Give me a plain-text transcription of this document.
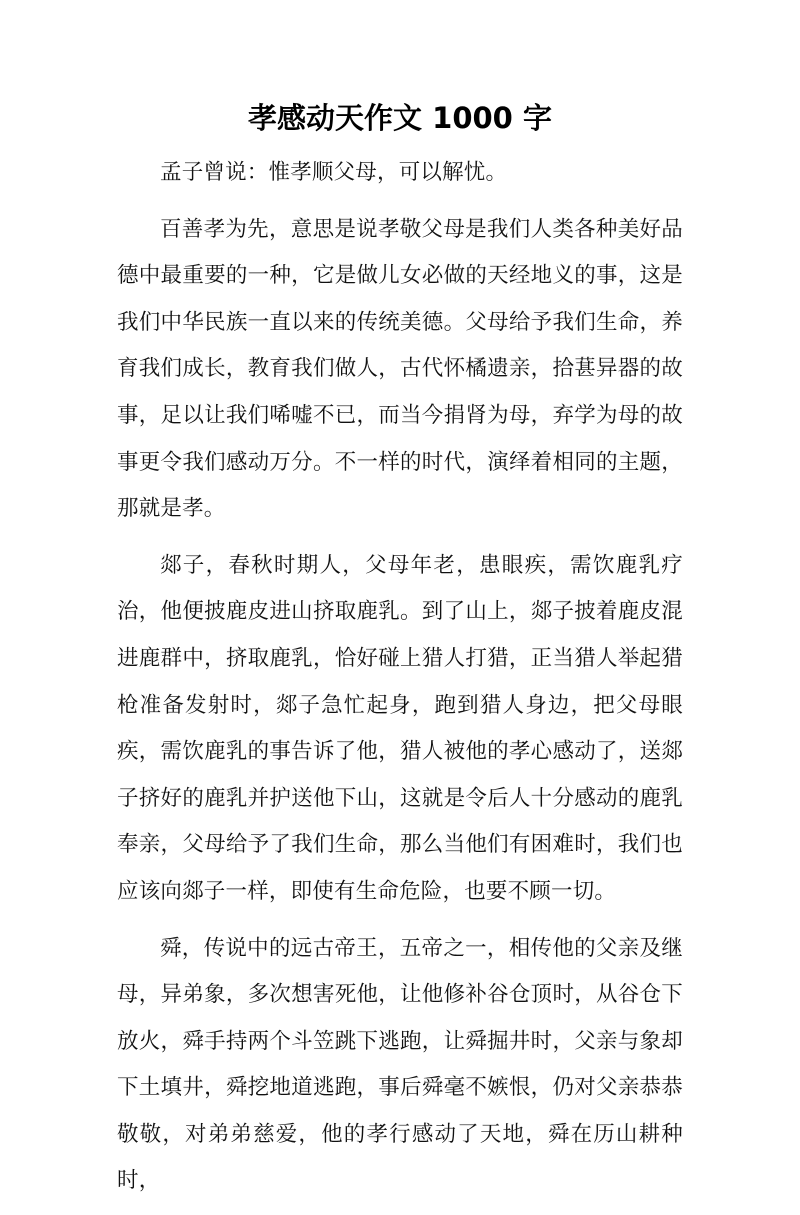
孝感动天作文 1000 字

孟子曾说：惟孝顺父母，可以解忧。

百善孝为先，意思是说孝敬父母是我们人类各种美好品德中最重要的一种，它是做儿女必做的天经地义的事，这是我们中华民族一直以来的传统美德。父母给予我们生命，养育我们成长，教育我们做人，古代怀橘遗亲，拾葚异器的故事，足以让我们唏嘘不已，而当今捐肾为母，弃学为母的故事更令我们感动万分。不一样的时代，演绎着相同的主题，那就是孝。

郯子，春秋时期人，父母年老，患眼疾，需饮鹿乳疗治，他便披鹿皮进山挤取鹿乳。到了山上，郯子披着鹿皮混进鹿群中，挤取鹿乳，恰好碰上猎人打猎，正当猎人举起猎枪准备发射时，郯子急忙起身，跑到猎人身边，把父母眼疾，需饮鹿乳的事告诉了他，猎人被他的孝心感动了，送郯子挤好的鹿乳并护送他下山，这就是令后人十分感动的鹿乳奉亲，父母给予了我们生命，那么当他们有困难时，我们也应该向郯子一样，即使有生命危险，也要不顾一切。

舜，传说中的远古帝王，五帝之一，相传他的父亲及继母，异弟象，多次想害死他，让他修补谷仓顶时，从谷仓下放火，舜手持两个斗笠跳下逃跑，让舜掘井时，父亲与象却下土填井，舜挖地道逃跑，事后舜毫不嫉恨，仍对父亲恭恭敬敬，对弟弟慈爱，他的孝行感动了天地，舜在历山耕种时，
